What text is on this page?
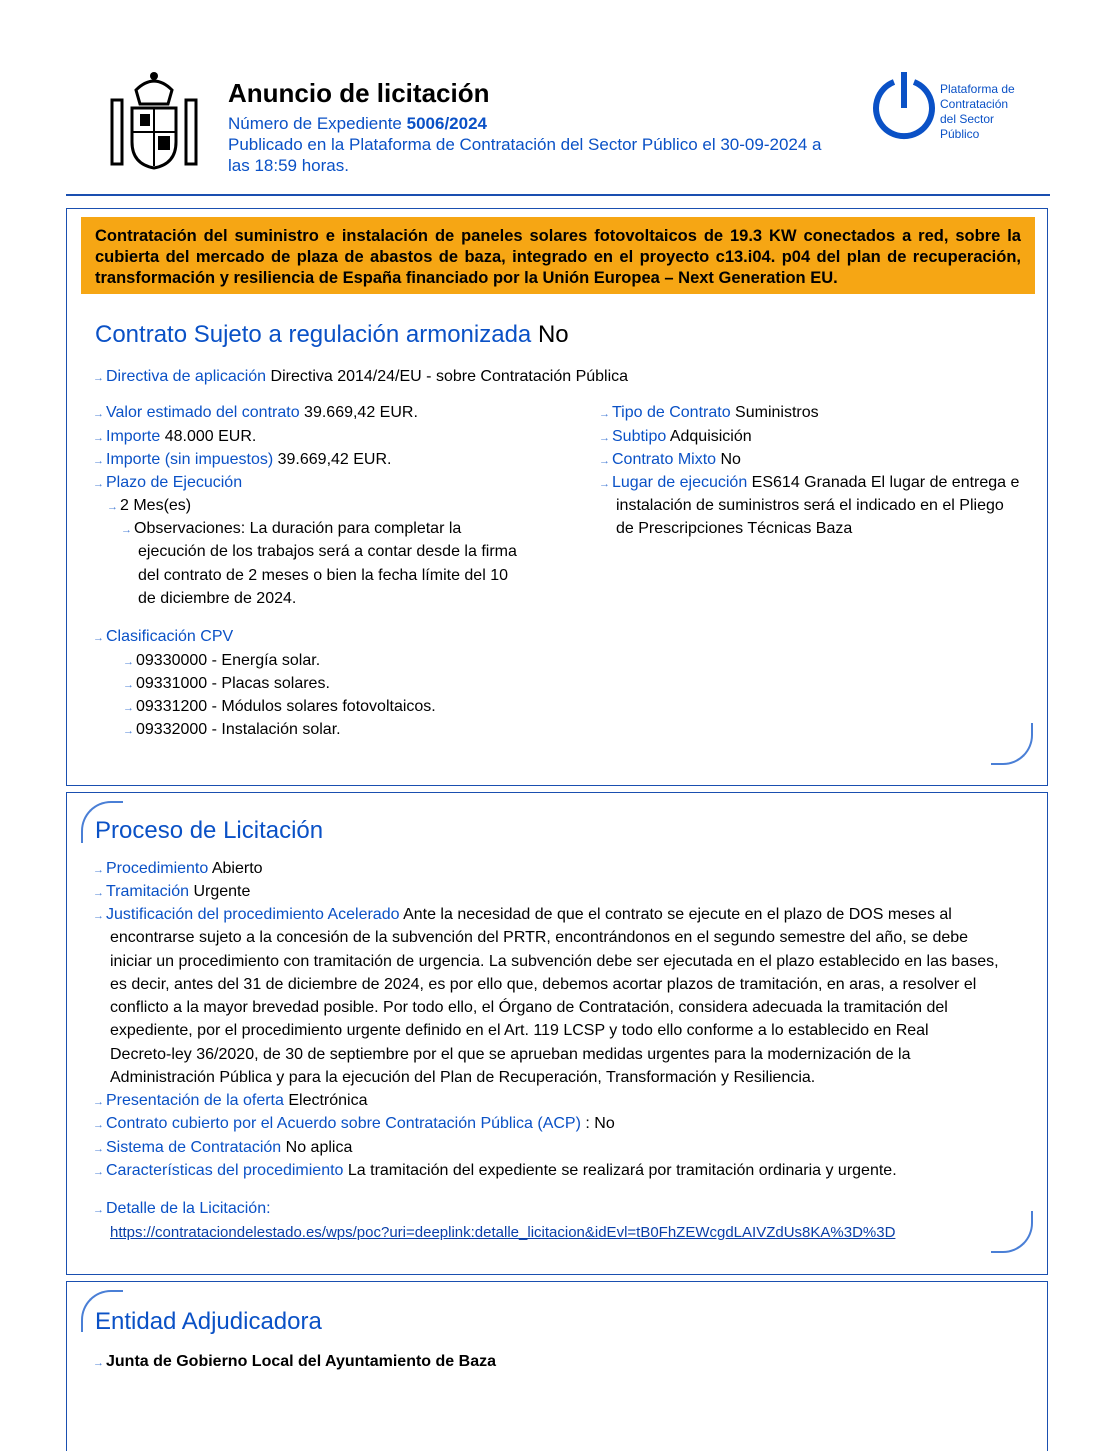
Anuncio de licitación
Número de Expediente 5006/2024
Publicado en la Plataforma de Contratación del Sector Público el 30-09-2024 a
las 18:59 horas.
Plataforma de
Contratación
del Sector
Público
Contratación del suministro e instalación de paneles solares fotovoltaicos de 19.3 KW conectados a red, sobre la cubierta del mercado de plaza de abastos de baza, integrado en el proyecto c13.i04. p04 del plan de recuperación, transformación y resiliencia de España financiado por la Unión Europea – Next Generation EU.
Contrato Sujeto a regulación armonizada No
→ Directiva de aplicación Directiva 2014/24/EU - sobre Contratación Pública
→ Valor estimado del contrato 39.669,42 EUR.
→ Importe 48.000 EUR.
→ Importe (sin impuestos) 39.669,42 EUR.
→ Plazo de Ejecución
→ 2 Mes(es)
→ Observaciones: La duración para completar la
ejecución de los trabajos será a contar desde la firma
del contrato de 2 meses o bien la fecha límite del 10
de diciembre de 2024.
→ Tipo de Contrato Suministros
→ Subtipo Adquisición
→ Contrato Mixto No
→ Lugar de ejecución ES614 Granada El lugar de entrega e
instalación de suministros será el indicado en el Pliego
de Prescripciones Técnicas Baza
→ Clasificación CPV
→ 09330000 - Energía solar.
→ 09331000 - Placas solares.
→ 09331200 - Módulos solares fotovoltaicos.
→ 09332000 - Instalación solar.
Proceso de Licitación
→ Procedimiento Abierto
→ Tramitación Urgente
→ Justificación del procedimiento Acelerado Ante la necesidad de que el contrato se ejecute en el plazo de DOS meses al
encontrarse sujeto a la concesión de la subvención del PRTR, encontrándonos en el segundo semestre del año, se debe
iniciar un procedimiento con tramitación de urgencia. La subvención debe ser ejecutada en el plazo establecido en las bases,
es decir, antes del 31 de diciembre de 2024, es por ello que, debemos acortar plazos de tramitación, en aras, a resolver el
conflicto a la mayor brevedad posible. Por todo ello, el Órgano de Contratación, considera adecuada la tramitación del
expediente, por el procedimiento urgente definido en el Art. 119 LCSP y todo ello conforme a lo establecido en Real
Decreto-ley 36/2020, de 30 de septiembre por el que se aprueban medidas urgentes para la modernización de la
Administración Pública y para la ejecución del Plan de Recuperación, Transformación y Resiliencia.
→ Presentación de la oferta Electrónica
→ Contrato cubierto por el Acuerdo sobre Contratación Pública (ACP) : No
→ Sistema de Contratación No aplica
→ Características del procedimiento La tramitación del expediente se realizará por tramitación ordinaria y urgente.
→ Detalle de la Licitación:
https://contrataciondelestado.es/wps/poc?uri=deeplink:detalle_licitacion&idEvl=tB0FhZEWcgdLAIVZdUs8KA%3D%3D
Entidad Adjudicadora
→ Junta de Gobierno Local del Ayuntamiento de Baza
